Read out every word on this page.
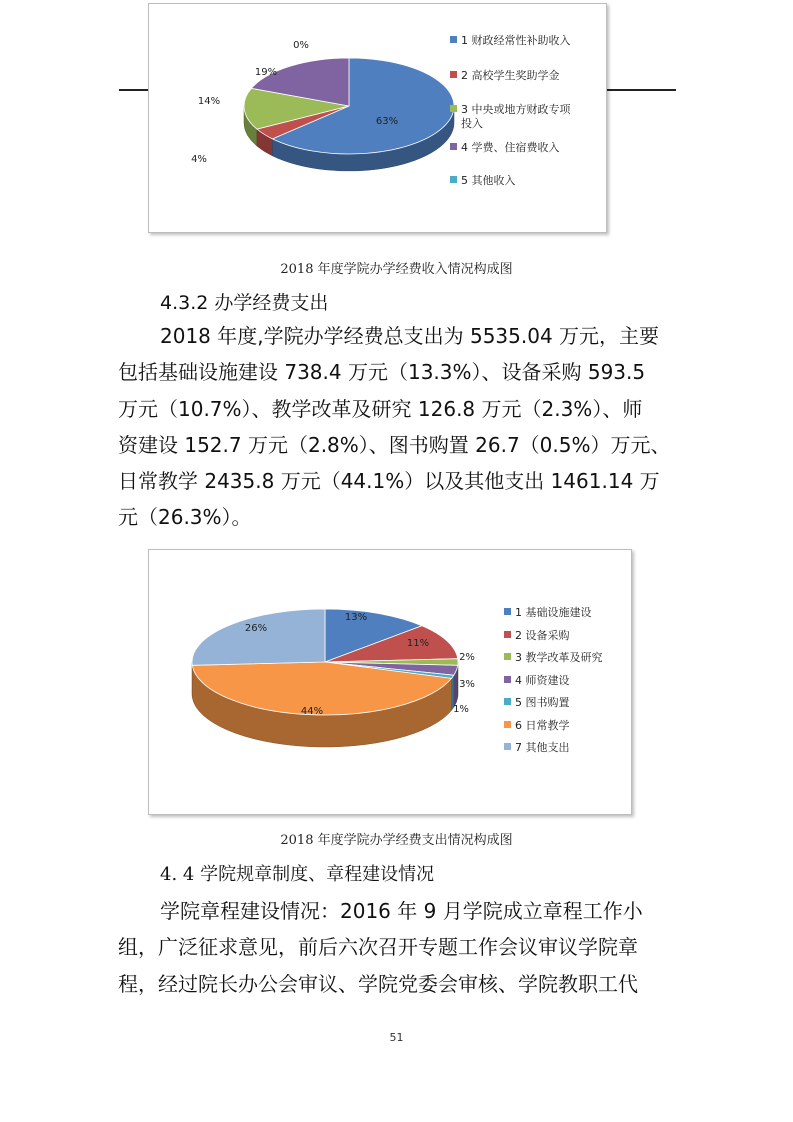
63%
4%
14%
19%
0%	1 财政经常性补助收入
2 高校学生奖助学金
3 中央或地方财政专项
投入
4 学费、住宿费收入
5 其他收入
2018 年度学院办学经费收入情况构成图
4.3.2 办学经费支出
2018 年度,学院办学经费总支出为 5535.04 万元，主要
包括基础设施建设 738.4 万元（13.3%）、设备采购 593.5
万元（10.7%）、教学改革及研究 126.8 万元（2.3%）、师
资建设 152.7 万元（2.8%）、图书购置 26.7（0.5%）万元、
日常教学 2435.8 万元（44.1%）以及其他支出 1461.14 万
元（26.3%）。
13%
11%
2%
3%
1%
44%
26%
1 基础设施建设
2 设备采购
3 教学改革及研究
4 师资建设
5 图书购置
6 日常教学
7 其他支出
2018 年度学院办学经费支出情况构成图
4. 4 学院规章制度、章程建设情况
学院章程建设情况：2016 年 9 月学院成立章程工作小
组，广泛征求意见，前后六次召开专题工作会议审议学院章
程，经过院长办公会审议、学院党委会审核、学院教职工代
51
